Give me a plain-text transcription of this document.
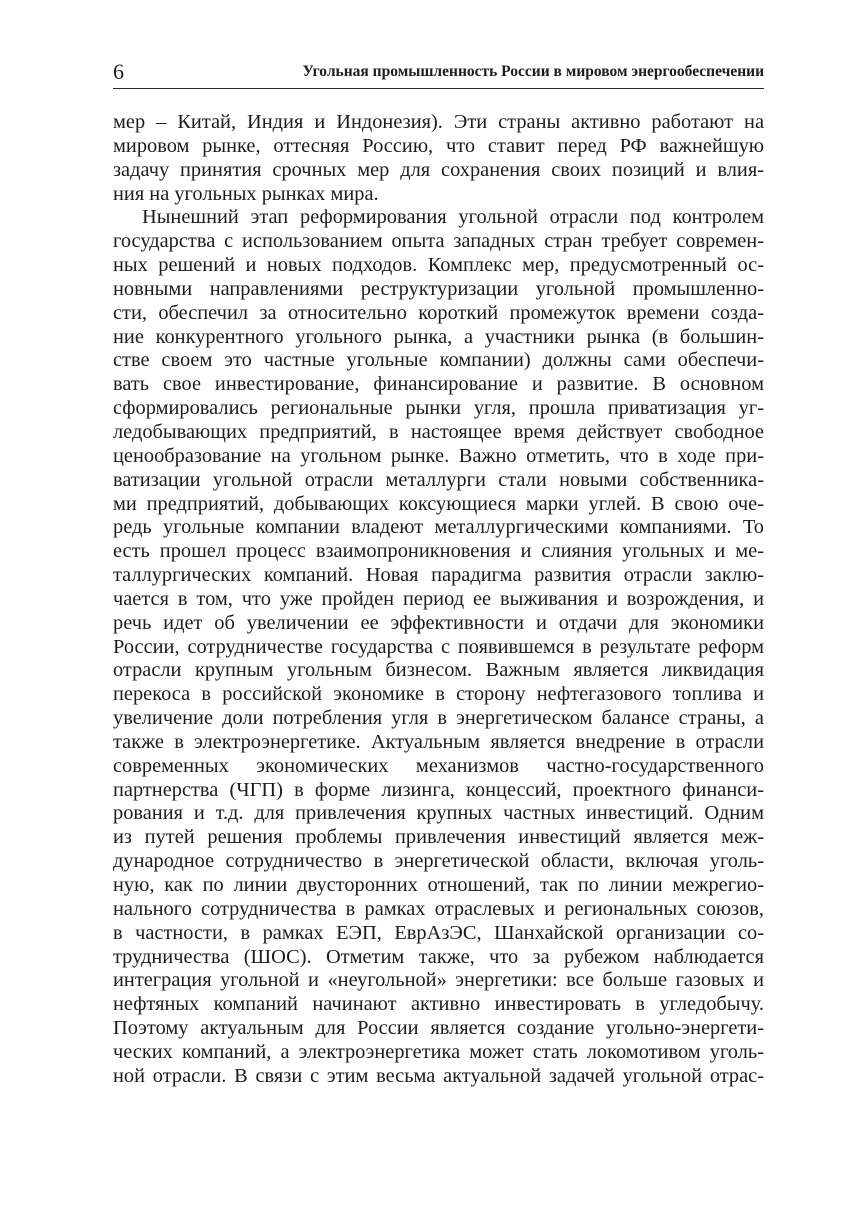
6	Угольная промышленность России в мировом энергообеспечении
мер – Китай, Индия и Индонезия). Эти страны активно работают на
мировом рынке, оттесняя Россию, что ставит перед РФ важнейшую
задачу принятия срочных мер для сохранения своих позиций и влия-
ния на угольных рынках мира.
Нынешний этап реформирования угольной отрасли под контролем
государства с использованием опыта западных стран требует современ-
ных решений и новых подходов. Комплекс мер, предусмотренный ос-
новными направлениями реструктуризации угольной промышленно-
сти, обеспечил за относительно короткий промежуток времени созда-
ние конкурентного угольного рынка, а участники рынка (в большин-
стве своем это частные угольные компании) должны сами обеспечи-
вать свое инвестирование, финансирование и развитие. В основном
сформировались региональные рынки угля, прошла приватизация уг-
ледобывающих предприятий, в настоящее время действует свободное
ценообразование на угольном рынке. Важно отметить, что в ходе при-
ватизации угольной отрасли металлурги стали новыми собственника-
ми предприятий, добывающих коксующиеся марки углей. В свою оче-
редь угольные компании владеют металлургическими компаниями. То
есть прошел процесс взаимопроникновения и слияния угольных и ме-
таллургических компаний. Новая парадигма развития отрасли заклю-
чается в том, что уже пройден период ее выживания и возрождения, и
речь идет об увеличении ее эффективности и отдачи для экономики
России, сотрудничестве государства с появившемся в результате реформ
отрасли крупным угольным бизнесом. Важным является ликвидация
перекоса в российской экономике в сторону нефтегазового топлива и
увеличение доли потребления угля в энергетическом балансе страны, а
также в электроэнергетике. Актуальным является внедрение в отрасли
современных экономических механизмов частно-государственного
партнерства (ЧГП) в форме лизинга, концессий, проектного финанси-
рования и т.д. для привлечения крупных частных инвестиций. Одним
из путей решения проблемы привлечения инвестиций является меж-
дународное сотрудничество в энергетической области, включая уголь-
ную, как по линии двусторонних отношений, так по линии межрегио-
нального сотрудничества в рамках отраслевых и региональных союзов,
в частности, в рамках ЕЭП, ЕврАзЭС, Шанхайской организации со-
трудничества (ШОС). Отметим также, что за рубежом наблюдается
интеграция угольной и «неугольной» энергетики: все больше газовых и
нефтяных компаний начинают активно инвестировать в угледобычу.
Поэтому актуальным для России является создание угольно-энергети-
ческих компаний, а электроэнергетика может стать локомотивом уголь-
ной отрасли. В связи с этим весьма актуальной задачей угольной отрас-
